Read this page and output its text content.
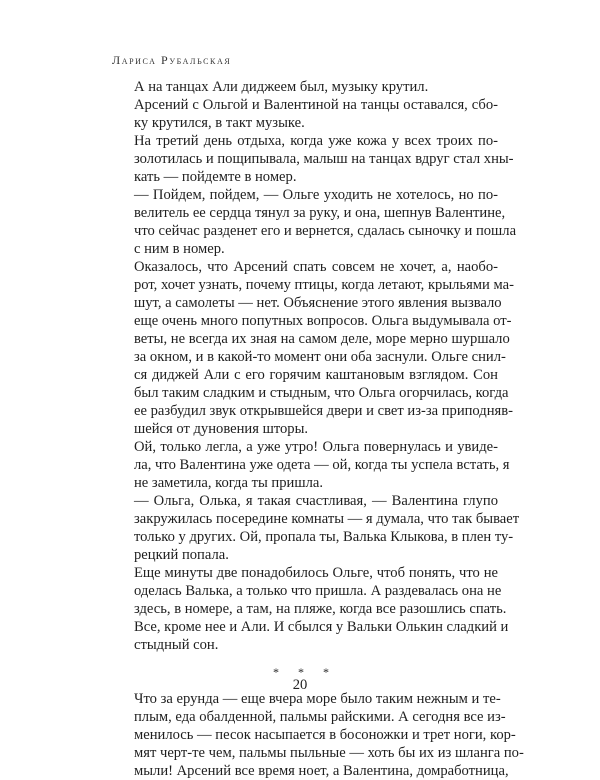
Лариса Рубальская
А на танцах Али диджеем был, музыку крутил.
Арсений с Ольгой и Валентиной на танцы оставался, сбо-
ку крутился, в такт музыке.
На третий день отдыха, когда уже кожа у всех троих по-
золотилась и пощипывала, малыш на танцах вдруг стал хны-
кать — пойдемте в номер.
— Пойдем, пойдем, — Ольге уходить не хотелось, но по-
велитель ее сердца тянул за руку, и она, шепнув Валентине,
что сейчас разденет его и вернется, сдалась сыночку и пошла
с ним в номер.
Оказалось, что Арсений спать совсем не хочет, а, наобо-
рот, хочет узнать, почему птицы, когда летают, крыльями ма-
шут, а самолеты — нет. Объяснение этого явления вызвало
еще очень много попутных вопросов. Ольга выдумывала от-
веты, не всегда их зная на самом деле, море мерно шуршало
за окном, и в какой-то момент они оба заснули. Ольге снил-
ся диджей Али с его горячим каштановым взглядом. Сон
был таким сладким и стыдным, что Ольга огорчилась, когда
ее разбудил звук открывшейся двери и свет из-за приподняв-
шейся от дуновения шторы.
Ой, только легла, а уже утро! Ольга повернулась и увиде-
ла, что Валентина уже одета — ой, когда ты успела встать, я
не заметила, когда ты пришла.
— Ольга, Олька, я такая счастливая, — Валентина глупо
закружилась посередине комнаты — я думала, что так бывает
только у других. Ой, пропала ты, Валька Клыкова, в плен ту-
рецкий попала.
Еще минуты две понадобилось Ольге, чтоб понять, что не
оделась Валька, а только что пришла. А раздевалась она не
здесь, в номере, а там, на пляже, когда все разошлись спать.
Все, кроме нее и Али. И сбылся у Вальки Олькин сладкий и
стыдный сон.
* * *
Что за ерунда — еще вчера море было таким нежным и те-
плым, еда обалденной, пальмы райскими. А сегодня все из-
менилось — песок насыпается в босоножки и трет ноги, кор-
мят черт-те чем, пальмы пыльные — хоть бы их из шланга по-
мыли! Арсений все время ноет, а Валентина, домработница,
20
